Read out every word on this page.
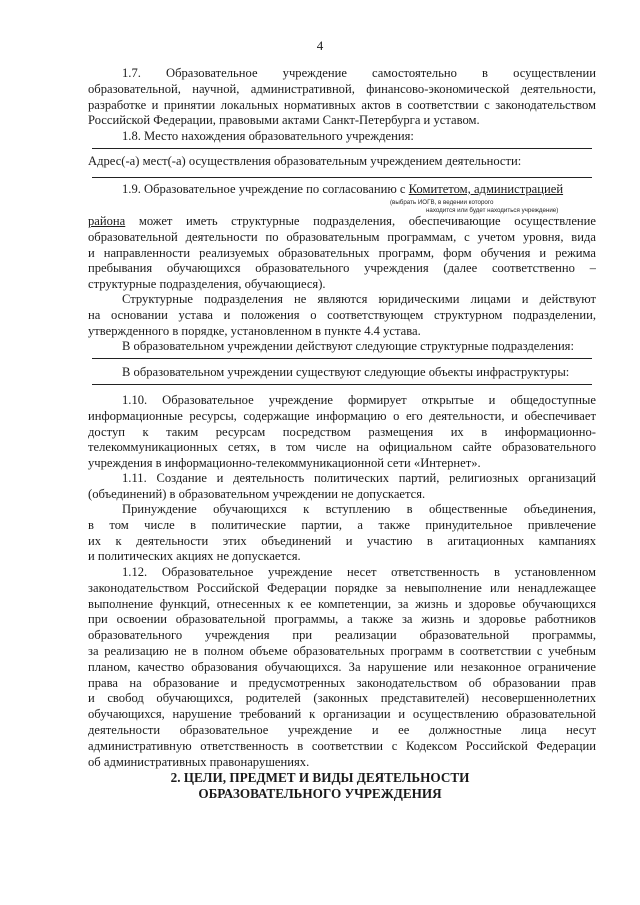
4
1.7. Образовательное учреждение самостоятельно в осуществлении
образовательной, научной, административной, финансово-экономической деятельности,
разработке и принятии локальных нормативных актов в соответствии с законодательством
Российской Федерации, правовыми актами Санкт-Петербурга и уставом.
1.8. Место нахождения образовательного учреждения:
Адрес(-а) мест(-а) осуществления образовательным учреждением деятельности:
1.9. Образовательное учреждение по согласованию с Комитетом, администрацией
(выбрать ИОГВ, в ведении которого
находится или будет находиться учреждение)
района может иметь структурные подразделения, обеспечивающие осуществление
образовательной деятельности по образовательным программам, с учетом уровня, вида
и направленности реализуемых образовательных программ, форм обучения и режима
пребывания обучающихся образовательного учреждения (далее соответственно –
структурные подразделения, обучающиеся).
Структурные подразделения не являются юридическими лицами и действуют
на основании устава и положения о соответствующем структурном подразделении,
утвержденного в порядке, установленном в пункте 4.4 устава.
В образовательном учреждении действуют следующие структурные подразделения:
В образовательном учреждении существуют следующие объекты инфраструктуры:
1.10. Образовательное учреждение формирует открытые и общедоступные
информационные ресурсы, содержащие информацию о его деятельности, и обеспечивает
доступ к таким ресурсам посредством размещения их в информационно-
телекоммуникационных сетях, в том числе на официальном сайте образовательного
учреждения в информационно-телекоммуникационной сети «Интернет».
1.11. Создание и деятельность политических партий, религиозных организаций
(объединений) в образовательном учреждении не допускается.
Принуждение обучающихся к вступлению в общественные объединения,
в том числе в политические партии, а также принудительное привлечение
их к деятельности этих объединений и участию в агитационных кампаниях
и политических акциях не допускается.
1.12. Образовательное учреждение несет ответственность в установленном
законодательством Российской Федерации порядке за невыполнение или ненадлежащее
выполнение функций, отнесенных к ее компетенции, за жизнь и здоровье обучающихся
при освоении образовательной программы, а также за жизнь и здоровье работников
образовательного учреждения при реализации образовательной программы,
за реализацию не в полном объеме образовательных программ в соответствии с учебным
планом, качество образования обучающихся. За нарушение или незаконное ограничение
права на образование и предусмотренных законодательством об образовании прав
и свобод обучающихся, родителей (законных представителей) несовершеннолетних
обучающихся, нарушение требований к организации и осуществлению образовательной
деятельности образовательное учреждение и ее должностные лица несут
административную ответственность в соответствии с Кодексом Российской Федерации
об административных правонарушениях.
2. ЦЕЛИ, ПРЕДМЕТ И ВИДЫ ДЕЯТЕЛЬНОСТИ
ОБРАЗОВАТЕЛЬНОГО УЧРЕЖДЕНИЯ
